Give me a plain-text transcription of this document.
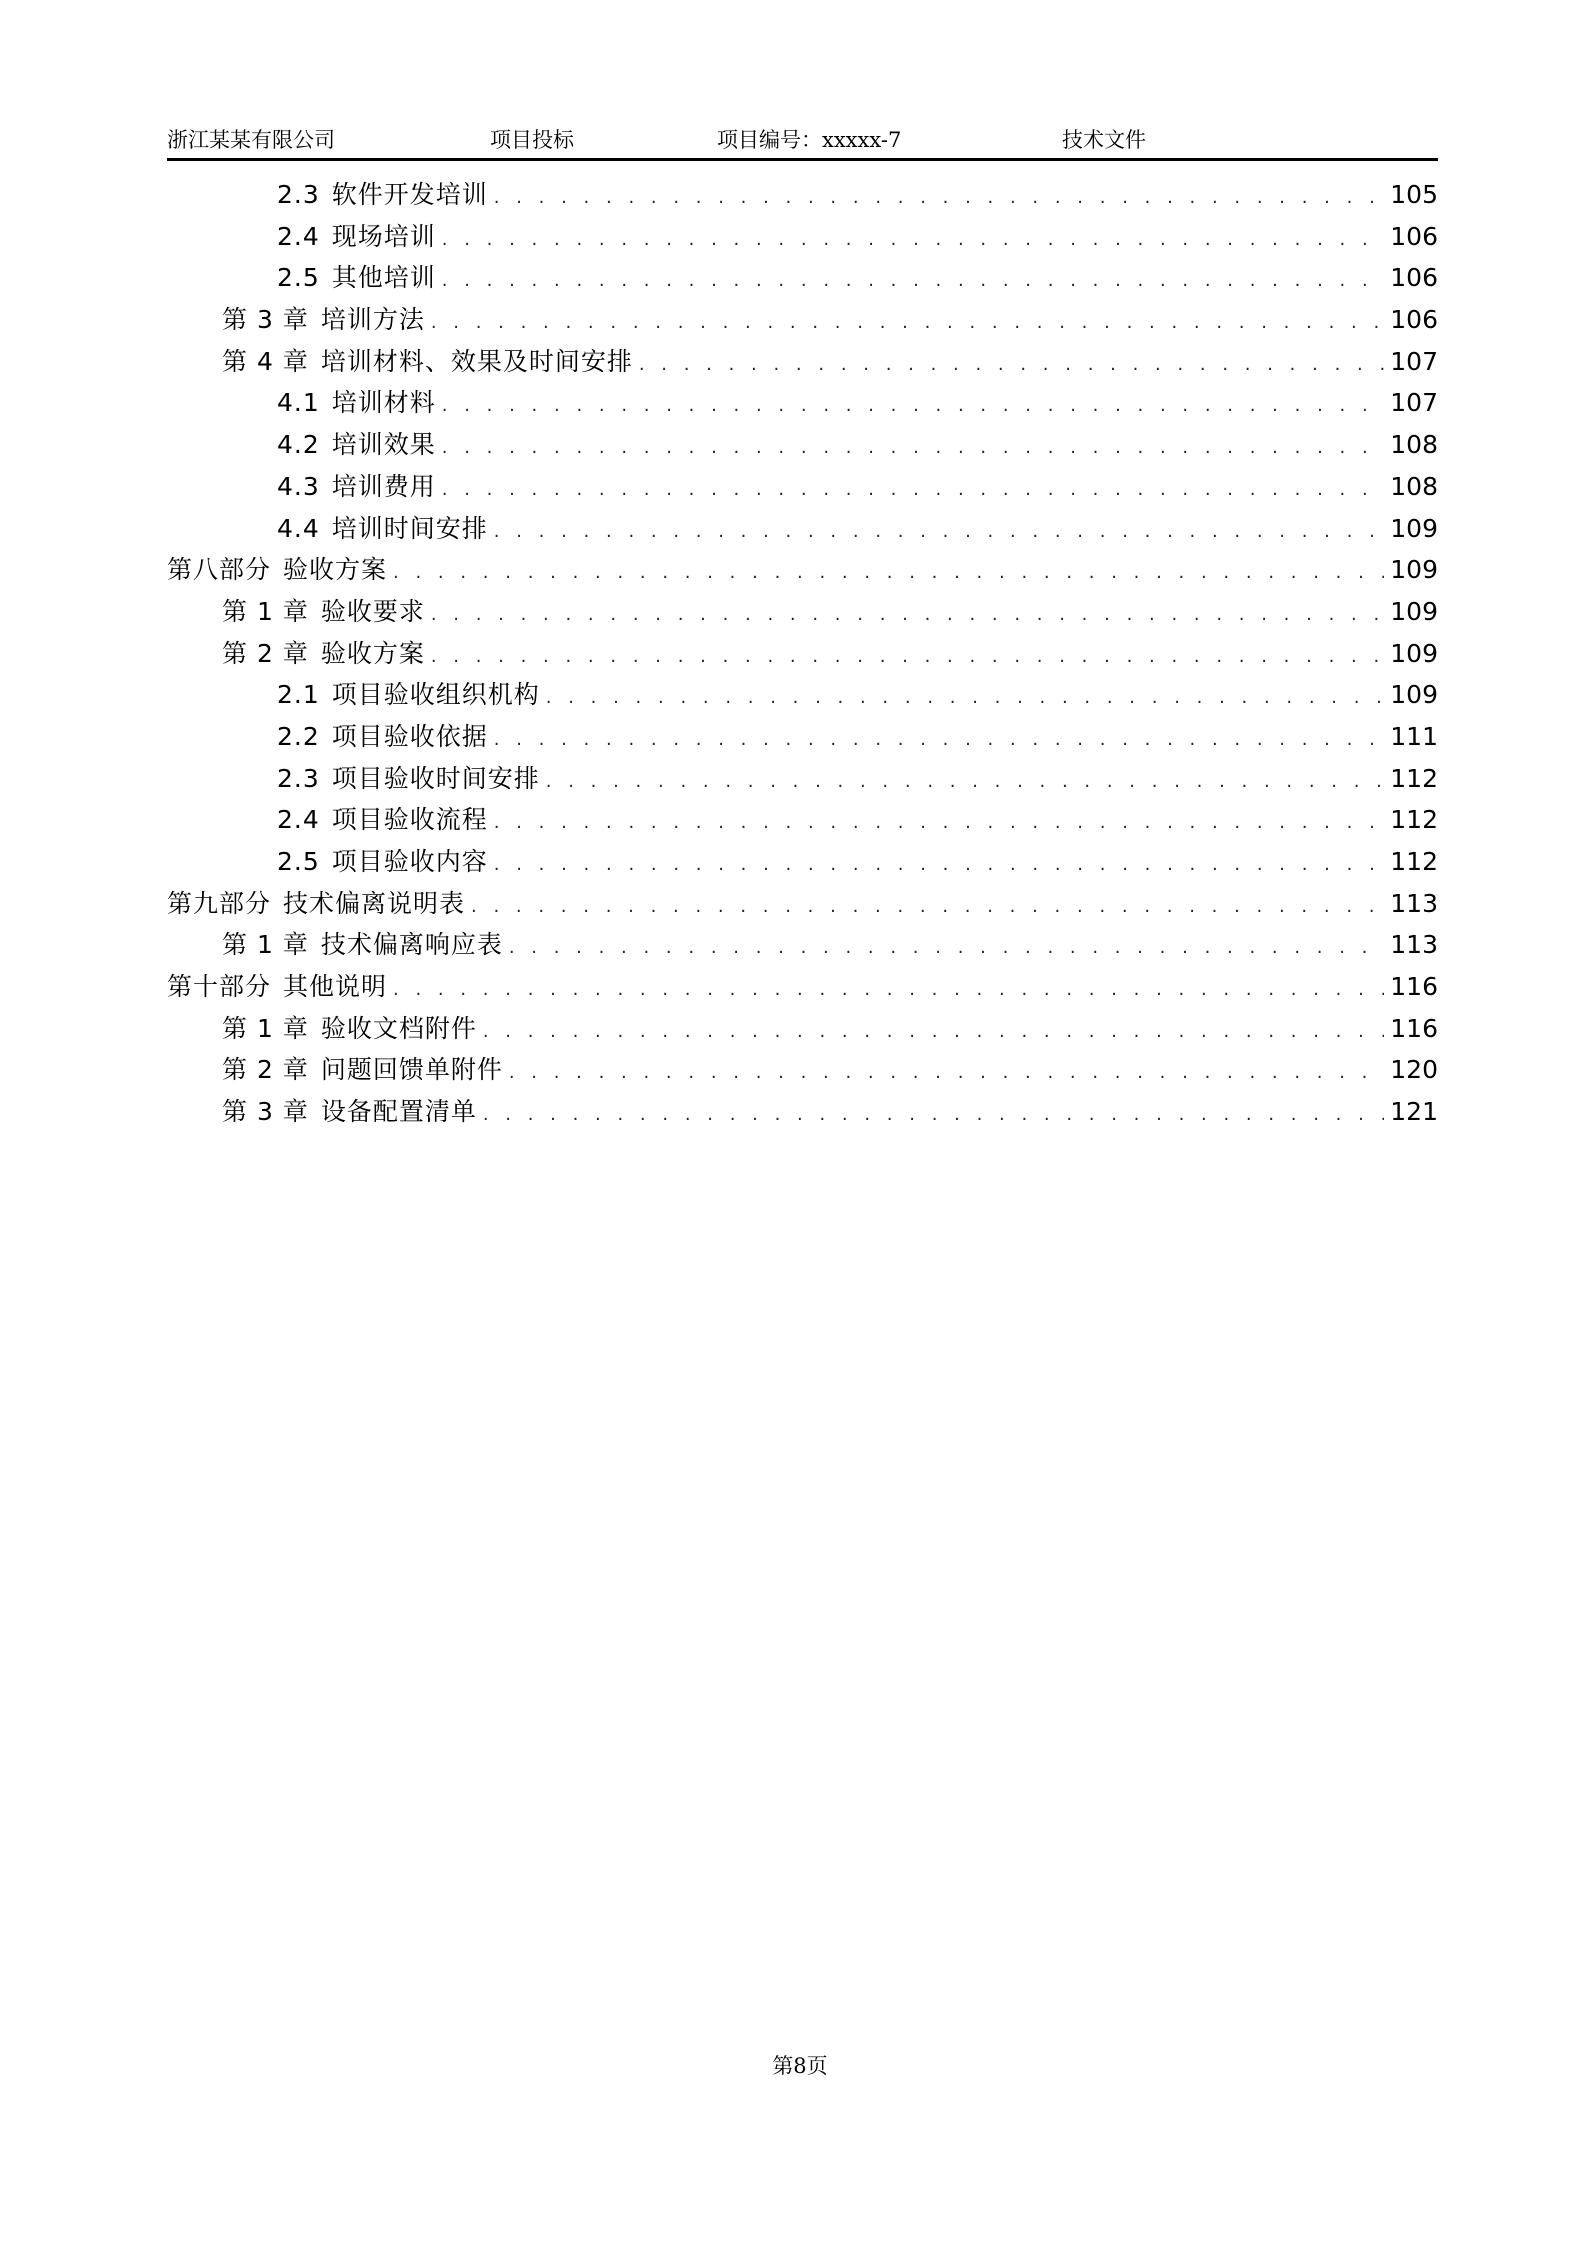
浙江某某有限公司	项目投标	项目编号：xxxxx-7	技术文件
2.3 软件开发培训 . . .	105
2.4 现场培训 . . .	106
2.5 其他培训 . . .	106
第 3 章 培训方法 . . .	106
第 4 章 培训材料、效果及时间安排 . . .	107
4.1 培训材料 . . .	107
4.2 培训效果 . . .	108
4.3 培训费用 . . .	108
4.4 培训时间安排 . . .	109
第八部分 验收方案 . . .	109
第 1 章 验收要求 . . .	109
第 2 章 验收方案 . . .	109
2.1 项目验收组织机构 . . .	109
2.2 项目验收依据 . . .	111
2.3 项目验收时间安排 . . .	112
2.4 项目验收流程 . . .	112
2.5 项目验收内容 . . .	112
第九部分 技术偏离说明表 . . .	113
第 1 章 技术偏离响应表 . . .	113
第十部分 其他说明 . . .	116
第 1 章 验收文档附件 . . .	116
第 2 章 问题回馈单附件 . . .	120
第 3 章 设备配置清单 . . .	121
第8页
